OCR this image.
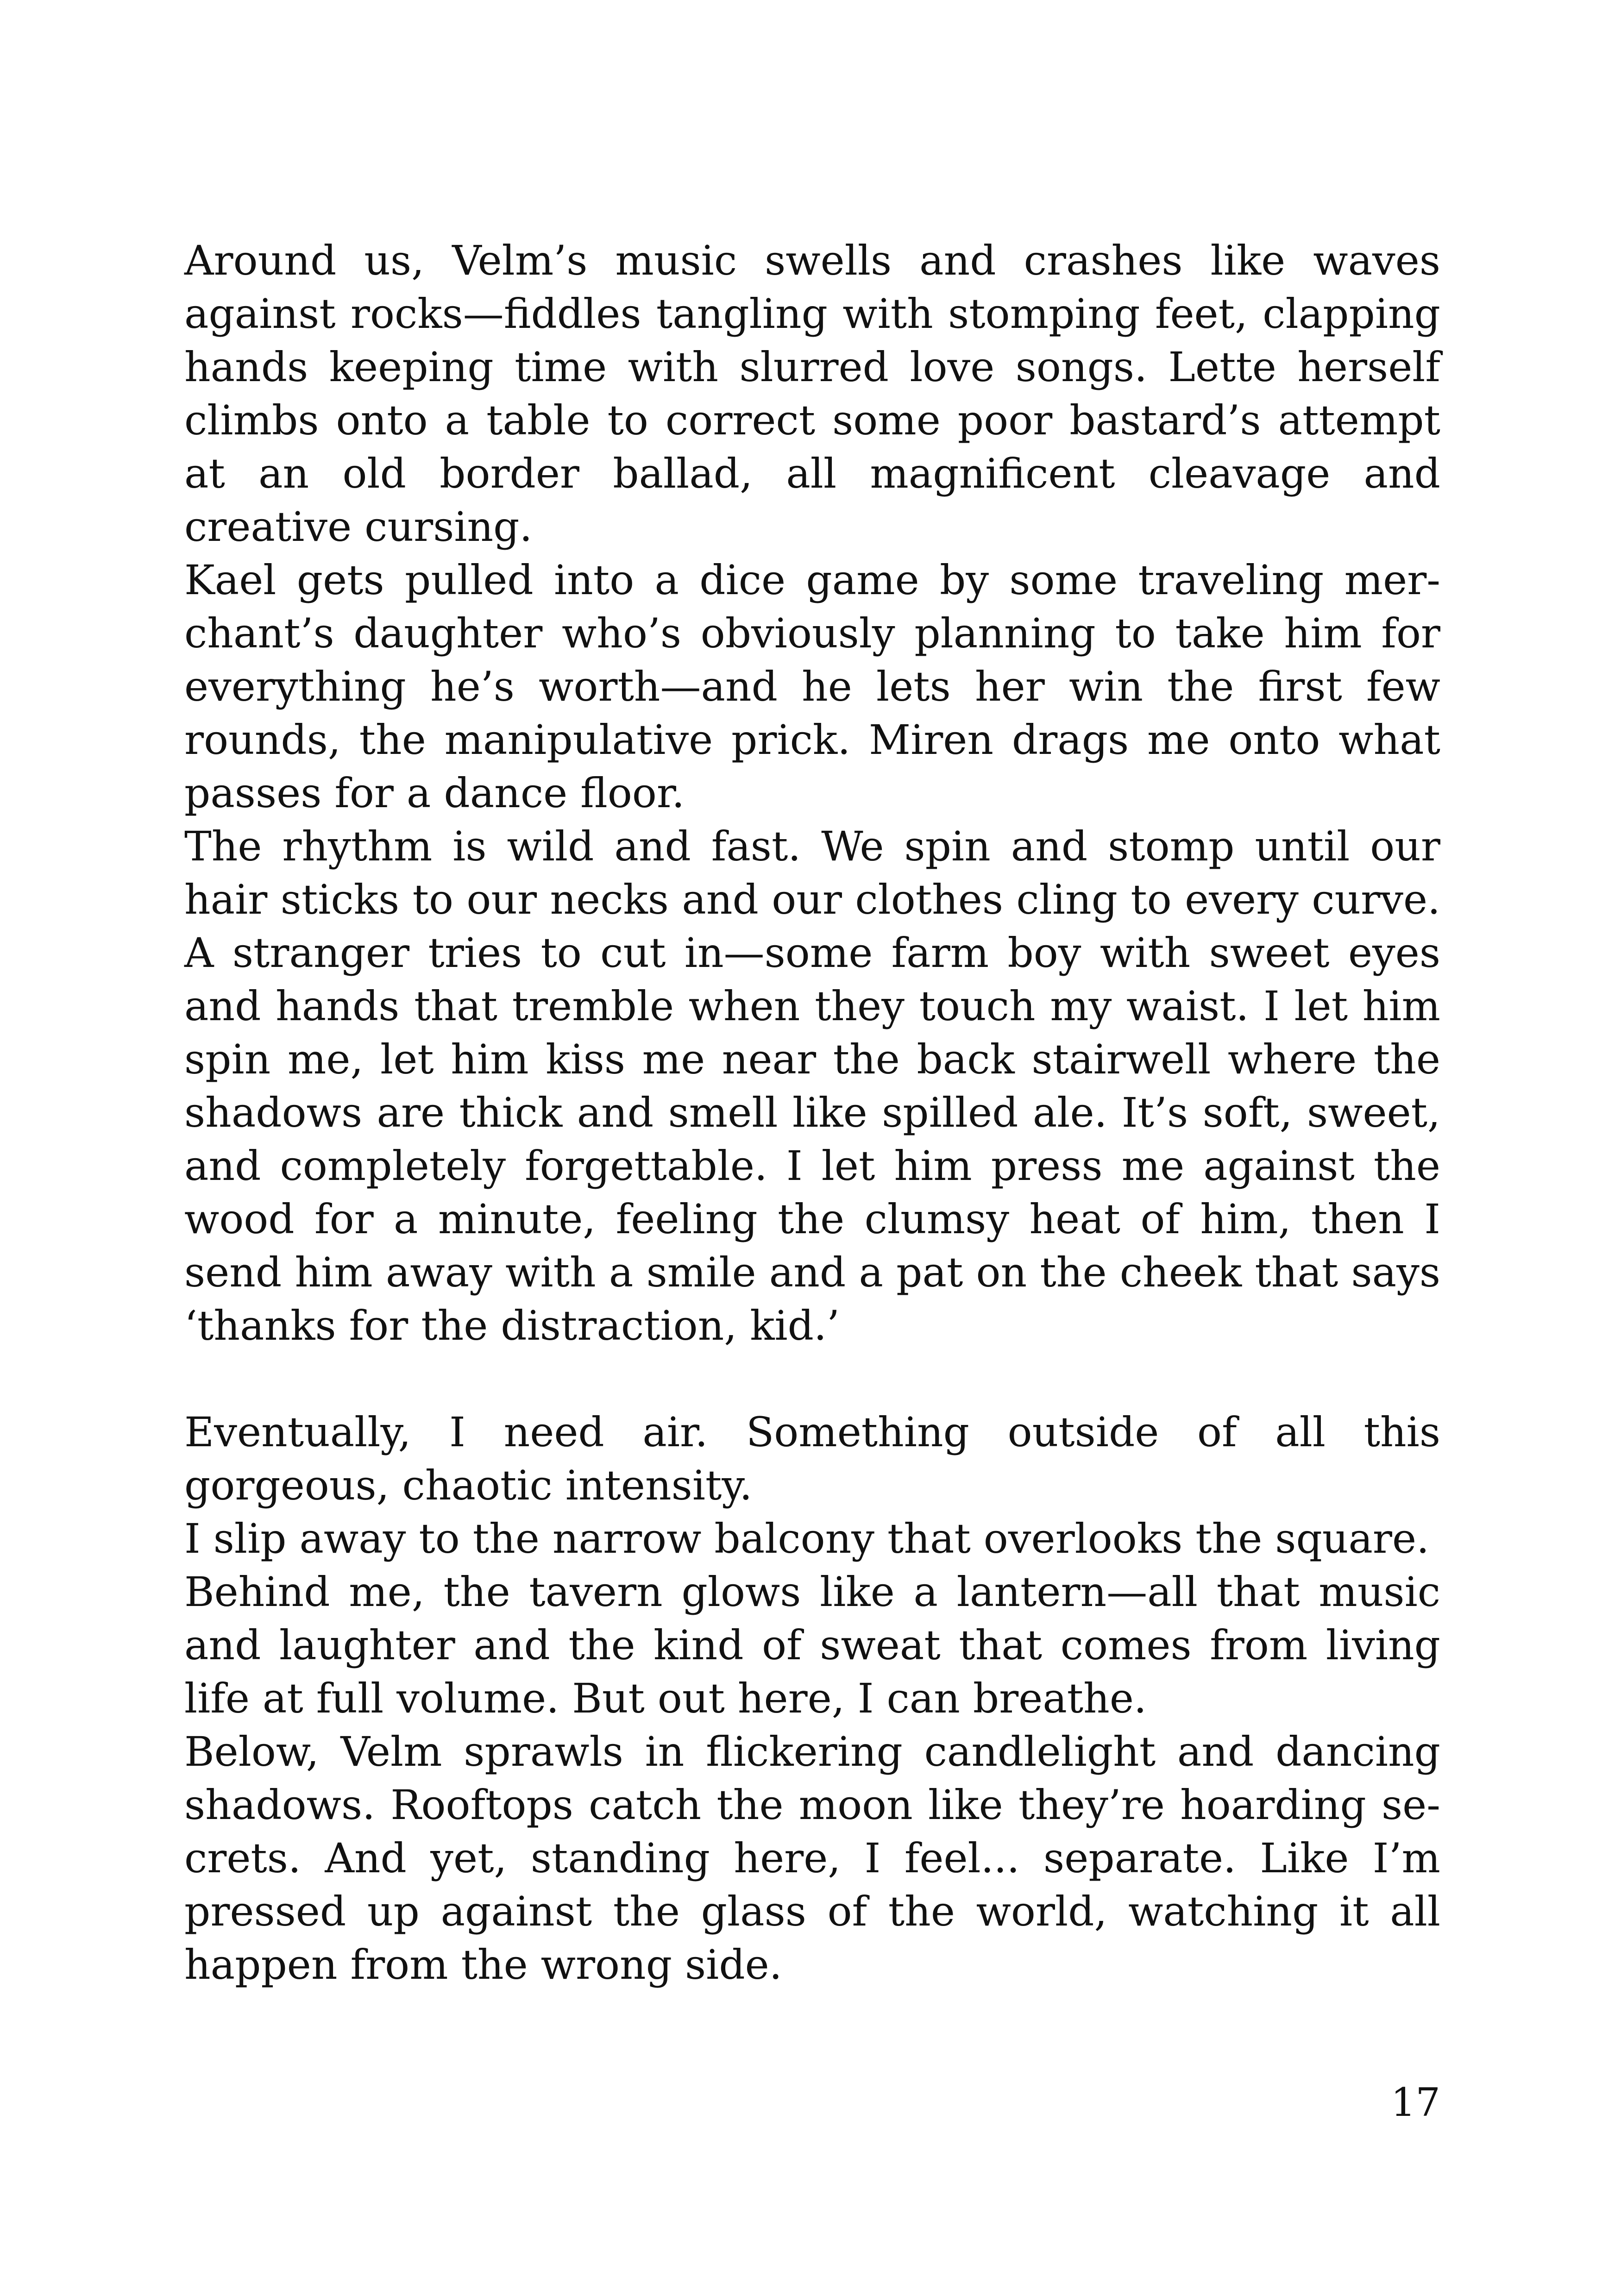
Around us, Velm’s music swells and crashes like waves against rocks—fiddles tangling with stomping feet, clapping hands keeping time with slurred love songs. Lette herself climbs onto a table to correct some poor bastard’s attempt at an old border ballad, all magnificent cleavage and creative cursing.

Kael gets pulled into a dice game by some traveling merchant’s daughter who’s obviously planning to take him for everything he’s worth—and he lets her win the first few rounds, the manipulative prick. Miren drags me onto what passes for a dance floor.

The rhythm is wild and fast. We spin and stomp until our hair sticks to our necks and our clothes cling to every curve. A stranger tries to cut in—some farm boy with sweet eyes and hands that tremble when they touch my waist. I let him spin me, let him kiss me near the back stairwell where the shadows are thick and smell like spilled ale. It’s soft, sweet, and completely forgettable. I let him press me against the wood for a minute, feeling the clumsy heat of him, then I send him away with a smile and a pat on the cheek that says ‘thanks for the distraction, kid.’

Eventually, I need air. Something outside of all this gorgeous, chaotic intensity.

I slip away to the narrow balcony that overlooks the square.

Behind me, the tavern glows like a lantern—all that music and laughter and the kind of sweat that comes from living life at full volume. But out here, I can breathe.

Below, Velm sprawls in flickering candlelight and dancing shadows. Rooftops catch the moon like they’re hoarding secrets. And yet, standing here, I feel... separate. Like I’m pressed up against the glass of the world, watching it all happen from the wrong side.

17
